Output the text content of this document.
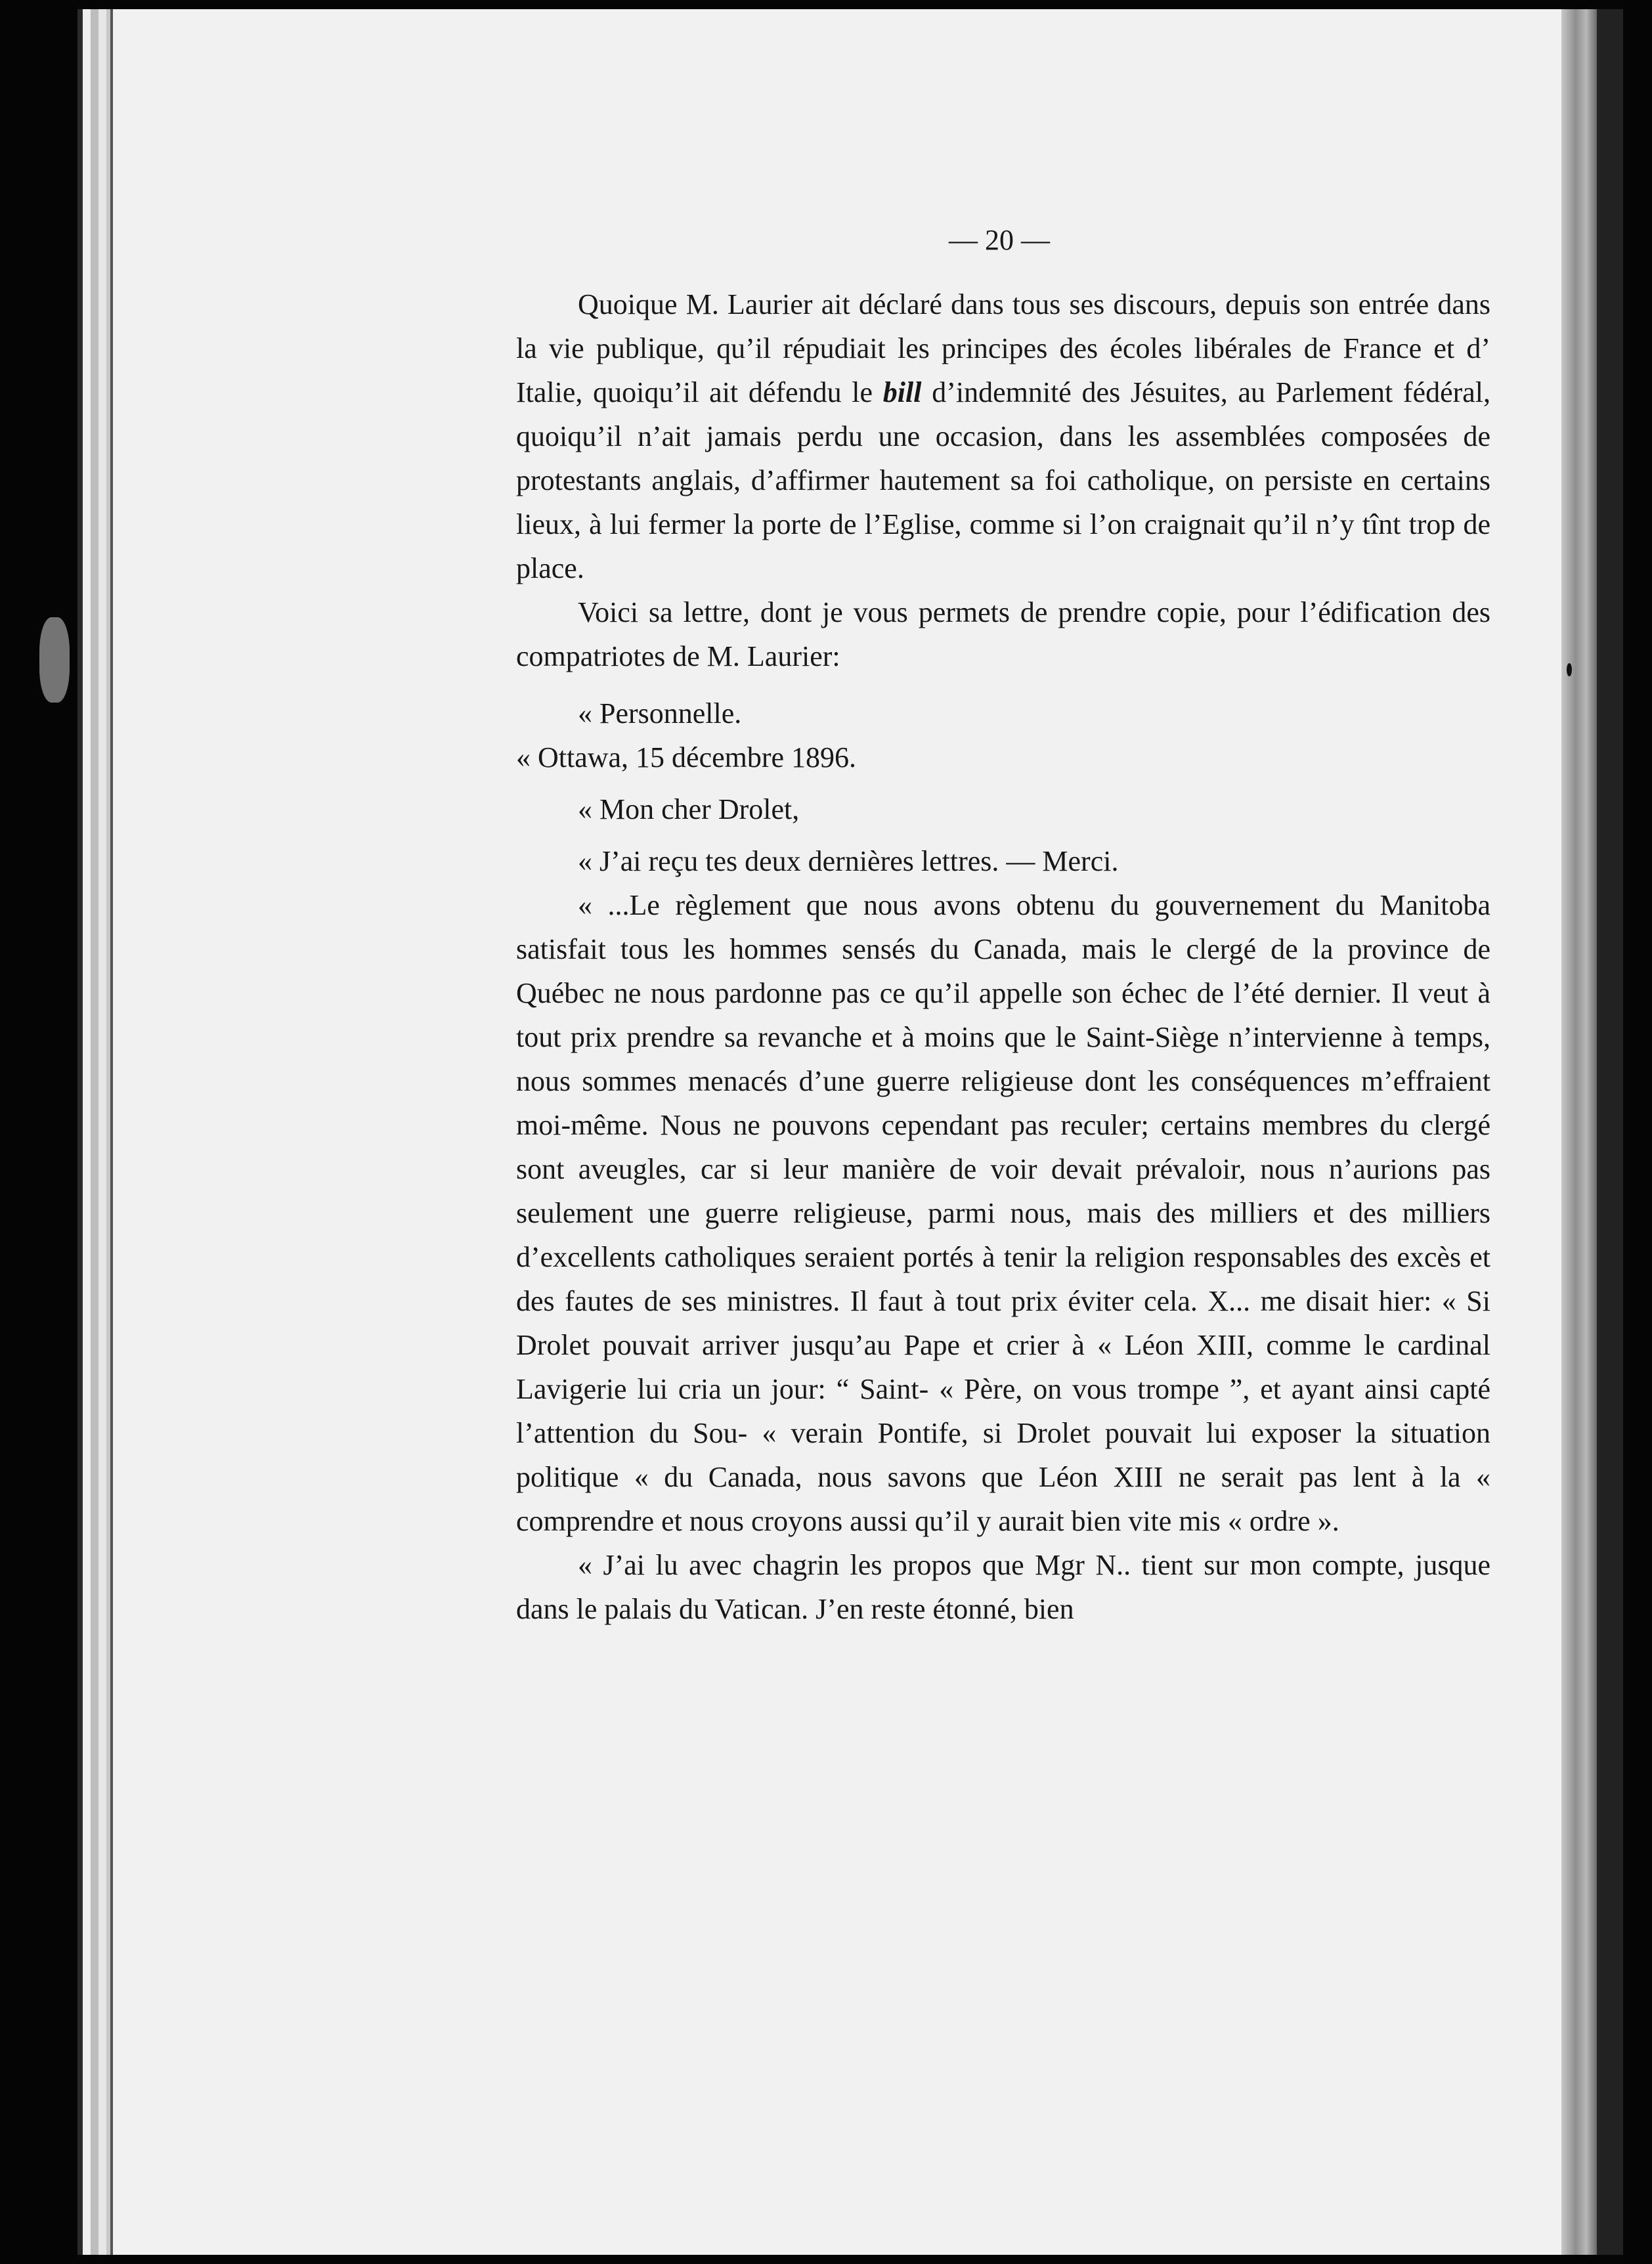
— 20 —

Quoique M. Laurier ait déclaré dans tous ses discours, depuis son entrée dans la vie publique, qu’il répudiait les principes des écoles libérales de France et d’ Italie, quoiqu’il ait défendu le bill d’indemnité des Jésuites, au Parlement fédéral, quoiqu’il n’ait jamais perdu une occasion, dans les assemblées composées de protestants anglais, d’affirmer hautement sa foi catholique, on persiste en certains lieux, à lui fermer la porte de l’Eglise, comme si l’on craignait qu’il n’y tînt trop de place.

Voici sa lettre, dont je vous permets de prendre copie, pour l’édification des compatriotes de M. Laurier:

« Personnelle.

« Ottawa, 15 décembre 1896.

« Mon cher Drolet,

« J’ai reçu tes deux dernières lettres. — Merci.

« ...Le règlement que nous avons obtenu du gouvernement du Manitoba satisfait tous les hommes sensés du Canada, mais le clergé de la province de Québec ne nous pardonne pas ce qu’il appelle son échec de l’été dernier. Il veut à tout prix prendre sa revanche et à moins que le Saint-Siège n’intervienne à temps, nous sommes menacés d’une guerre religieuse dont les conséquences m’effraient moi-même. Nous ne pouvons cependant pas reculer; certains membres du clergé sont aveugles, car si leur manière de voir devait prévaloir, nous n’aurions pas seulement une guerre religieuse, parmi nous, mais des milliers et des milliers d’excellents catholiques seraient portés à tenir la religion responsables des excès et des fautes de ses ministres. Il faut à tout prix éviter cela. X... me disait hier: « Si Drolet pouvait arriver jusqu’au Pape et crier à « Léon XIII, comme le cardinal Lavigerie lui cria un jour: “ Saint- « Père, on vous trompe ”, et ayant ainsi capté l’attention du Sou- « verain Pontife, si Drolet pouvait lui exposer la situation politique « du Canada, nous savons que Léon XIII ne serait pas lent à la « comprendre et nous croyons aussi qu’il y aurait bien vite mis « ordre ».

« J’ai lu avec chagrin les propos que Mgr N.. tient sur mon compte, jusque dans le palais du Vatican. J’en reste étonné, bien
